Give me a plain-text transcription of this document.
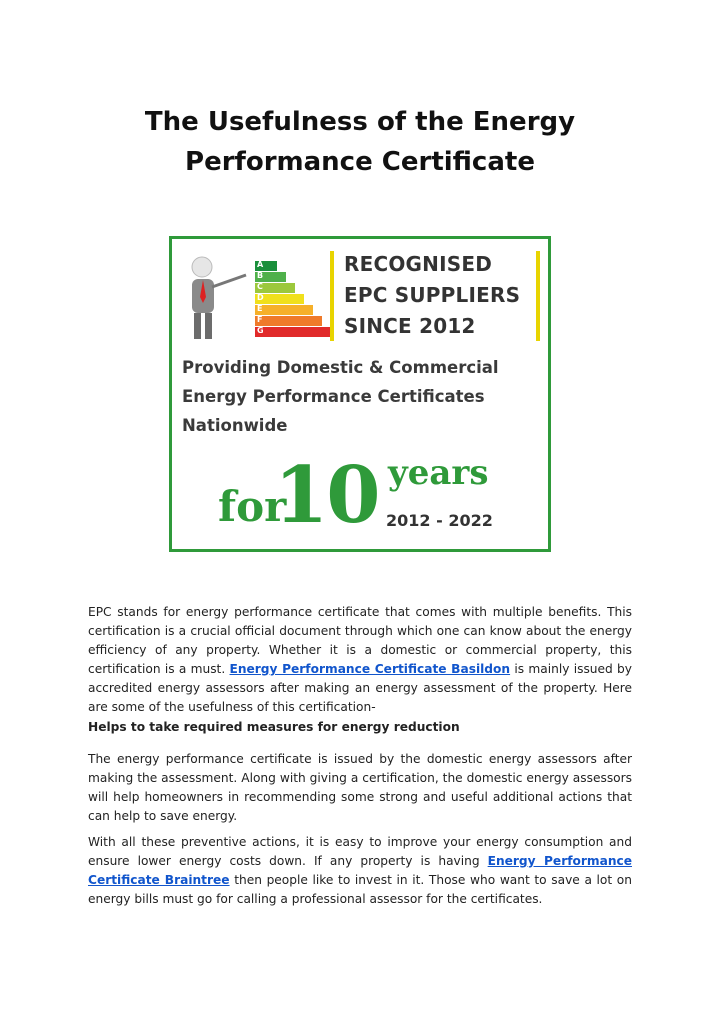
The Usefulness of the Energy Performance Certificate
A
B
C
D
E
F
G
RECOGNISED
EPC SUPPLIERS
SINCE 2012
Providing Domestic & Commercial
Energy Performance Certificates
Nationwide
for
10 years
2012 - 2022

EPC stands for energy performance certificate that comes with multiple benefits. This certification is a crucial official document through which one can know about the energy efficiency of any property. Whether it is a domestic or commercial property, this certification is a must. Energy Performance Certificate Basildon is mainly issued by accredited energy assessors after making an energy assessment of the property. Here are some of the usefulness of this certification-

Helps to take required measures for energy reduction

The energy performance certificate is issued by the domestic energy assessors after making the assessment. Along with giving a certification, the domestic energy assessors will help homeowners in recommending some strong and useful additional actions that can help to save energy.

With all these preventive actions, it is easy to improve your energy consumption and ensure lower energy costs down. If any property is having Energy Performance Certificate Braintree then people like to invest in it. Those who want to save a lot on energy bills must go for calling a professional assessor for the certificates.
